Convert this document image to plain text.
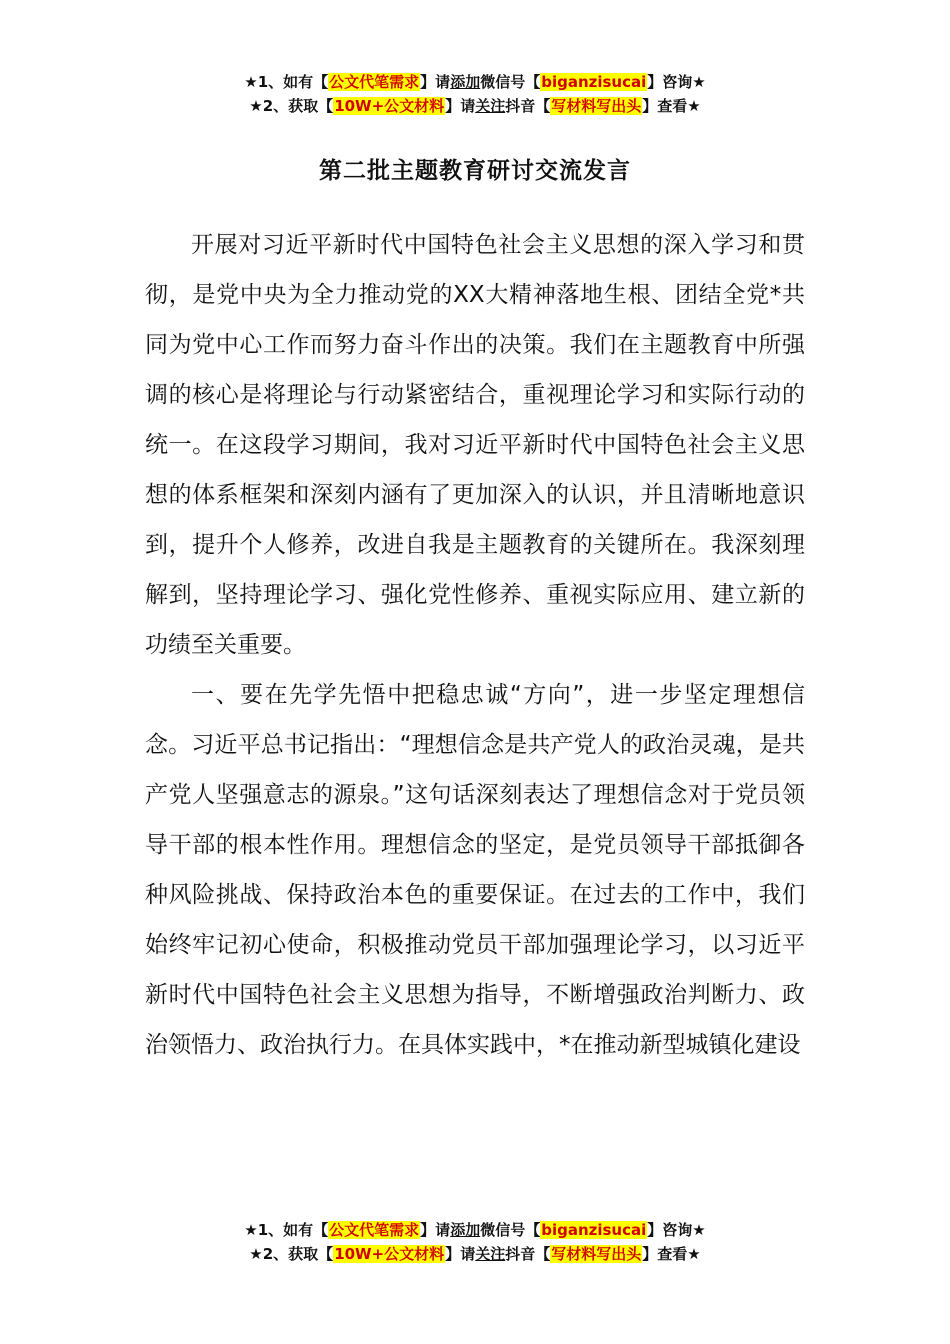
★1、如有【公文代笔需求】请添加微信号【biganzisucai】咨询★
★2、获取【10W+公文材料】请关注抖音【写材料写出头】查看★
第二批主题教育研讨交流发言

开展对习近平新时代中国特色社会主义思想的深入学习和贯彻，是党中央为全力推动党的XX大精神落地生根、团结全党*共同为党中心工作而努力奋斗作出的决策。我们在主题教育中所强调的核心是将理论与行动紧密结合，重视理论学习和实际行动的统一。在这段学习期间，我对习近平新时代中国特色社会主义思想的体系框架和深刻内涵有了更加深入的认识，并且清晰地意识到，提升个人修养，改进自我是主题教育的关键所在。我深刻理解到，坚持理论学习、强化党性修养、重视实际应用、建立新的功绩至关重要。

一、要在先学先悟中把稳忠诚“方向”，进一步坚定理想信念。习近平总书记指出：“理想信念是共产党人的政治灵魂，是共产党人坚强意志的源泉。”这句话深刻表达了理想信念对于党员领导干部的根本性作用。理想信念的坚定，是党员领导干部抵御各种风险挑战、保持政治本色的重要保证。在过去的工作中，我们始终牢记初心使命，积极推动党员干部加强理论学习，以习近平新时代中国特色社会主义思想为指导，不断增强政治判断力、政治领悟力、政治执行力。在具体实践中，*在推动新型城镇化建设

★1、如有【公文代笔需求】请添加微信号【biganzisucai】咨询★
★2、获取【10W+公文材料】请关注抖音【写材料写出头】查看★
